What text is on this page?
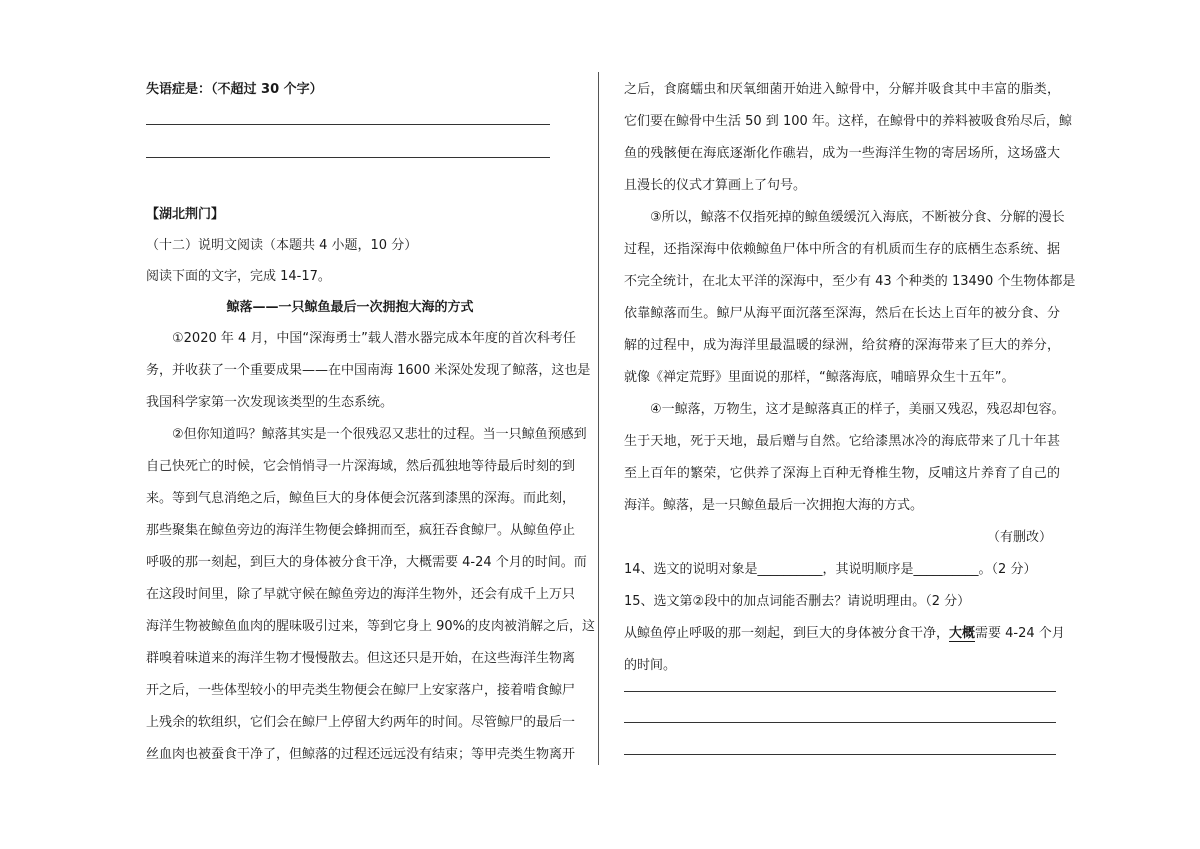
失语症是：（不超过 30 个字）

【湖北荆门】

（十二）说明文阅读（本题共 4 小题，10 分）

阅读下面的文字，完成 14-17。

鲸落——一只鲸鱼最后一次拥抱大海的方式

①2020 年 4 月，中国“深海勇士”载人潜水器完成本年度的首次科考任

务，并收获了一个重要成果——在中国南海 1600 米深处发现了鲸落，这也是

我国科学家第一次发现该类型的生态系统。

②但你知道吗？鲸落其实是一个很残忍又悲壮的过程。当一只鲸鱼预感到

自己快死亡的时候，它会悄悄寻一片深海域，然后孤独地等待最后时刻的到

来。等到气息消绝之后，鲸鱼巨大的身体便会沉落到漆黑的深海。而此刻，

那些聚集在鲸鱼旁边的海洋生物便会蜂拥而至，疯狂吞食鲸尸。从鲸鱼停止

呼吸的那一刻起，到巨大的身体被分食干净，大概需要 4-24 个月的时间。而

在这段时间里，除了早就守候在鲸鱼旁边的海洋生物外，还会有成千上万只

海洋生物被鲸鱼血肉的腥味吸引过来，等到它身上 90%的皮肉被消解之后，这

群嗅着味道来的海洋生物才慢慢散去。但这还只是开始，在这些海洋生物离

开之后，一些体型较小的甲壳类生物便会在鲸尸上安家落户，接着啃食鲸尸

上残余的软组织，它们会在鲸尸上停留大约两年的时间。尽管鲸尸的最后一

丝血肉也被蚕食干净了，但鲸落的过程还远远没有结束；等甲壳类生物离开

之后，食腐蠕虫和厌氧细菌开始进入鲸骨中，分解并吸食其中丰富的脂类，

它们要在鲸骨中生活 50 到 100 年。这样，在鲸骨中的养料被吸食殆尽后，鲸

鱼的残骸便在海底逐渐化作礁岩，成为一些海洋生物的寄居场所，这场盛大

且漫长的仪式才算画上了句号。

③所以，鲸落不仅指死掉的鲸鱼缓缓沉入海底，不断被分食、分解的漫长

过程，还指深海中依赖鲸鱼尸体中所含的有机质而生存的底栖生态系统、据

不完全统计，在北太平洋的深海中，至少有 43 个种类的 13490 个生物体都是

依靠鲸落而生。鲸尸从海平面沉落至深海，然后在长达上百年的被分食、分

解的过程中，成为海洋里最温暖的绿洲，给贫瘠的深海带来了巨大的养分，

就像《禅定荒野》里面说的那样，“鲸落海底，哺暗界众生十五年”。

④一鲸落，万物生，这才是鲸落真正的样子，美丽又残忍，残忍却包容。

生于天地，死于天地，最后赠与自然。它给漆黑冰冷的海底带来了几十年甚

至上百年的繁荣，它供养了深海上百种无脊椎生物，反哺这片养育了自己的

海洋。鲸落，是一只鲸鱼最后一次拥抱大海的方式。

（有删改）

14、选文的说明对象是__________，其说明顺序是__________。（2 分）

15、选文第②段中的加点词能否删去？请说明理由。（2 分）

从鲸鱼停止呼吸的那一刻起，到巨大的身体被分食干净，大概需要 4-24 个月

的时间。
